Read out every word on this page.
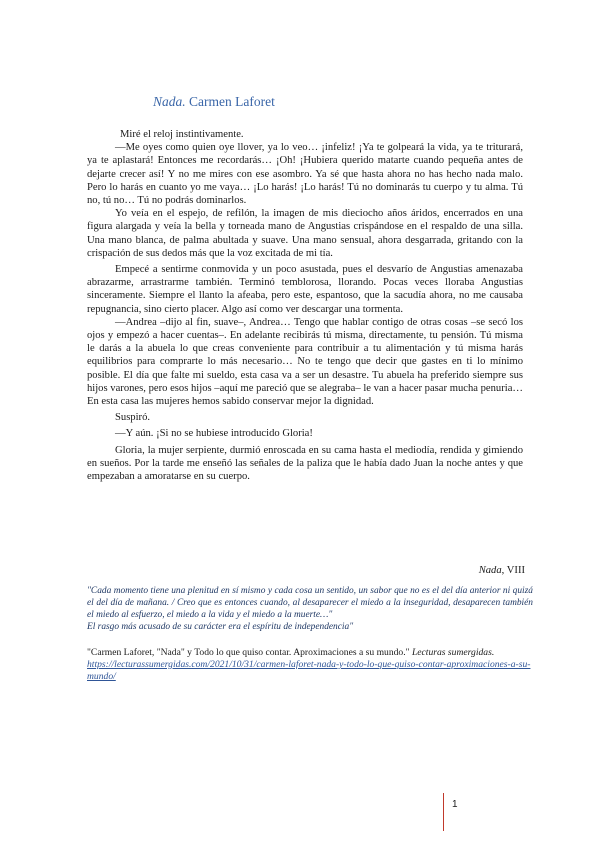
Nada. Carmen Laforet

Miré el reloj instintivamente.

—Me oyes como quien oye llover, ya lo veo… ¡infeliz! ¡Ya te golpeará la vida, ya te triturará, ya te aplastará! Entonces me recordarás… ¡Oh! ¡Hubiera querido matarte cuando pequeña antes de dejarte crecer así! Y no me mires con ese asombro. Ya sé que hasta ahora no has hecho nada malo. Pero lo harás en cuanto yo me vaya… ¡Lo harás! ¡Lo harás! Tú no dominarás tu cuerpo y tu alma. Tú no, tú no… Tú no podrás dominarlos.

Yo veía en el espejo, de refilón, la imagen de mis dieciocho años áridos, encerrados en una figura alargada y veía la bella y torneada mano de Angustias crispándose en el respaldo de una silla. Una mano blanca, de palma abultada y suave. Una mano sensual, ahora desgarrada, gritando con la crispación de sus dedos más que la voz excitada de mi tía.

Empecé a sentirme conmovida y un poco asustada, pues el desvarío de Angustias amenazaba abrazarme, arrastrarme también. Terminó temblorosa, llorando. Pocas veces lloraba Angustias sinceramente. Siempre el llanto la afeaba, pero este, espantoso, que la sacudía ahora, no me causaba repugnancia, sino cierto placer. Algo así como ver descargar una tormenta.

—Andrea –dijo al fin, suave–, Andrea… Tengo que hablar contigo de otras cosas –se secó los ojos y empezó a hacer cuentas–. En adelante recibirás tú misma, directamente, tu pensión. Tú misma le darás a la abuela lo que creas conveniente para contribuir a tu alimentación y tú misma harás equilibrios para comprarte lo más necesario… No te tengo que decir que gastes en ti lo mínimo posible. El día que falte mi sueldo, esta casa va a ser un desastre. Tu abuela ha preferido siempre sus hijos varones, pero esos hijos –aquí me pareció que se alegraba– le van a hacer pasar mucha penuria… En esta casa las mujeres hemos sabido conservar mejor la dignidad.

Suspiró.

—Y aún. ¡Si no se hubiese introducido Gloria!

Gloria, la mujer serpiente, durmió enroscada en su cama hasta el mediodía, rendida y gimiendo en sueños. Por la tarde me enseñó las señales de la paliza que le había dado Juan la noche antes y que empezaban a amoratarse en su cuerpo.

Nada, VIII
"Cada momento tiene una plenitud en sí mismo y cada cosa un sentido, un sabor que no es el del día anterior ni quizá el del día de mañana. / Creo que es entonces cuando, al desaparecer el miedo a la inseguridad, desaparecen también el miedo al esfuerzo, el miedo a la vida y el miedo a la muerte…"
El rasgo más acusado de su carácter era el espíritu de independencia"
"Carmen Laforet, "Nada" y Todo lo que quiso contar. Aproximaciones a su mundo." Lecturas sumergidas.
https://lecturassumergidas.com/2021/10/31/carmen-laforet-nada-y-todo-lo-que-quiso-contar-aproximaciones-a-su-mundo/
1
